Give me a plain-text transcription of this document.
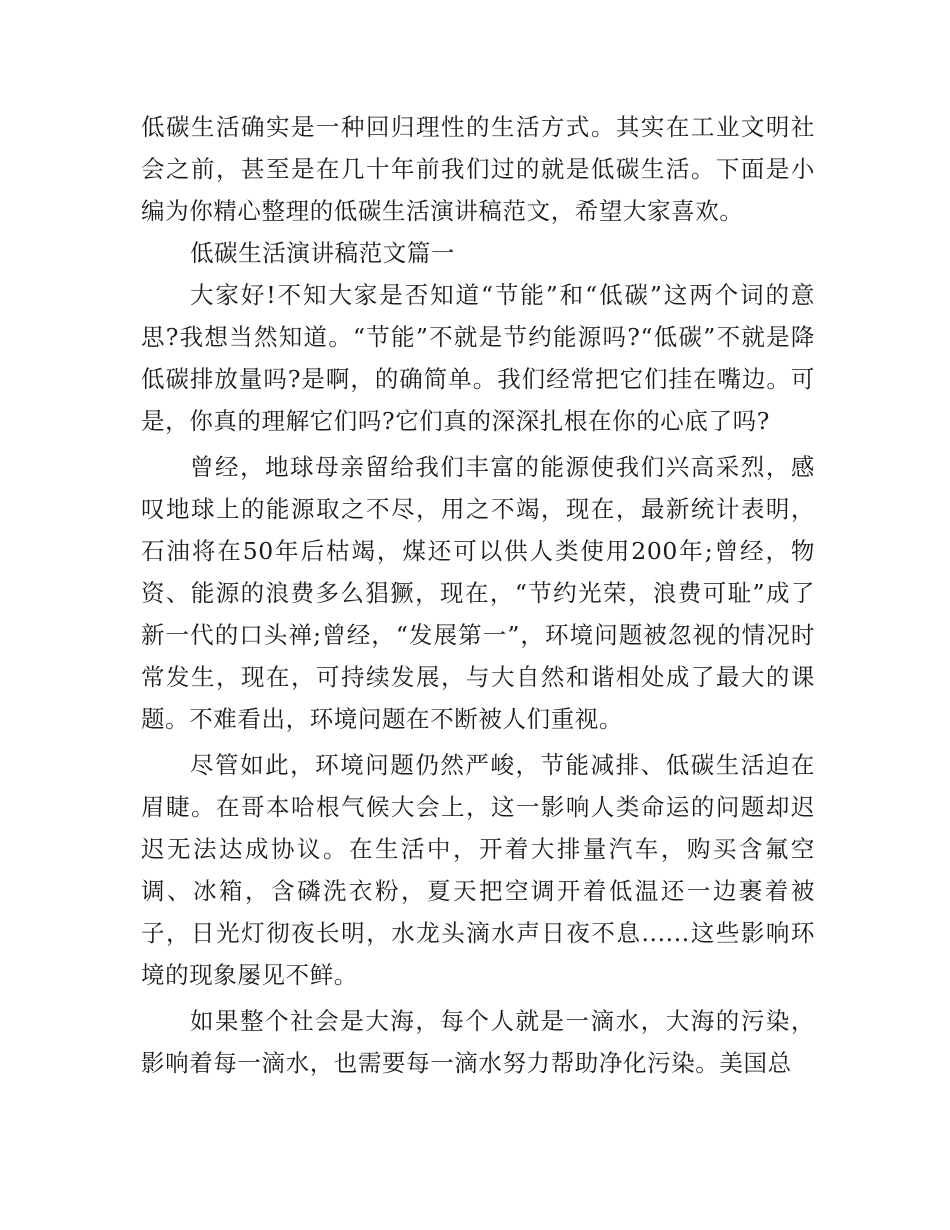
低碳生活确实是一种回归理性的生活方式。其实在工业文明社会之前，甚至是在几十年前我们过的就是低碳生活。下面是小编为你精心整理的低碳生活演讲稿范文，希望大家喜欢。

低碳生活演讲稿范文篇一

大家好!不知大家是否知道“节能”和“低碳”这两个词的意思?我想当然知道。“节能”不就是节约能源吗?“低碳”不就是降低碳排放量吗?是啊，的确简单。我们经常把它们挂在嘴边。可是，你真的理解它们吗?它们真的深深扎根在你的心底了吗?

曾经，地球母亲留给我们丰富的能源使我们兴高采烈，感叹地球上的能源取之不尽，用之不竭，现在，最新统计表明，石油将在50年后枯竭，煤还可以供人类使用200年;曾经，物资、能源的浪费多么猖獗，现在，“节约光荣，浪费可耻”成了新一代的口头禅;曾经，“发展第一”，环境问题被忽视的情况时常发生，现在，可持续发展，与大自然和谐相处成了最大的课题。不难看出，环境问题在不断被人们重视。

尽管如此，环境问题仍然严峻，节能减排、低碳生活迫在眉睫。在哥本哈根气候大会上，这一影响人类命运的问题却迟迟无法达成协议。在生活中，开着大排量汽车，购买含氟空调、冰箱，含磷洗衣粉，夏天把空调开着低温还一边裹着被子，日光灯彻夜长明，水龙头滴水声日夜不息......这些影响环境的现象屡见不鲜。

如果整个社会是大海，每个人就是一滴水，大海的污染，影响着每一滴水，也需要每一滴水努力帮助净化污染。美国总
